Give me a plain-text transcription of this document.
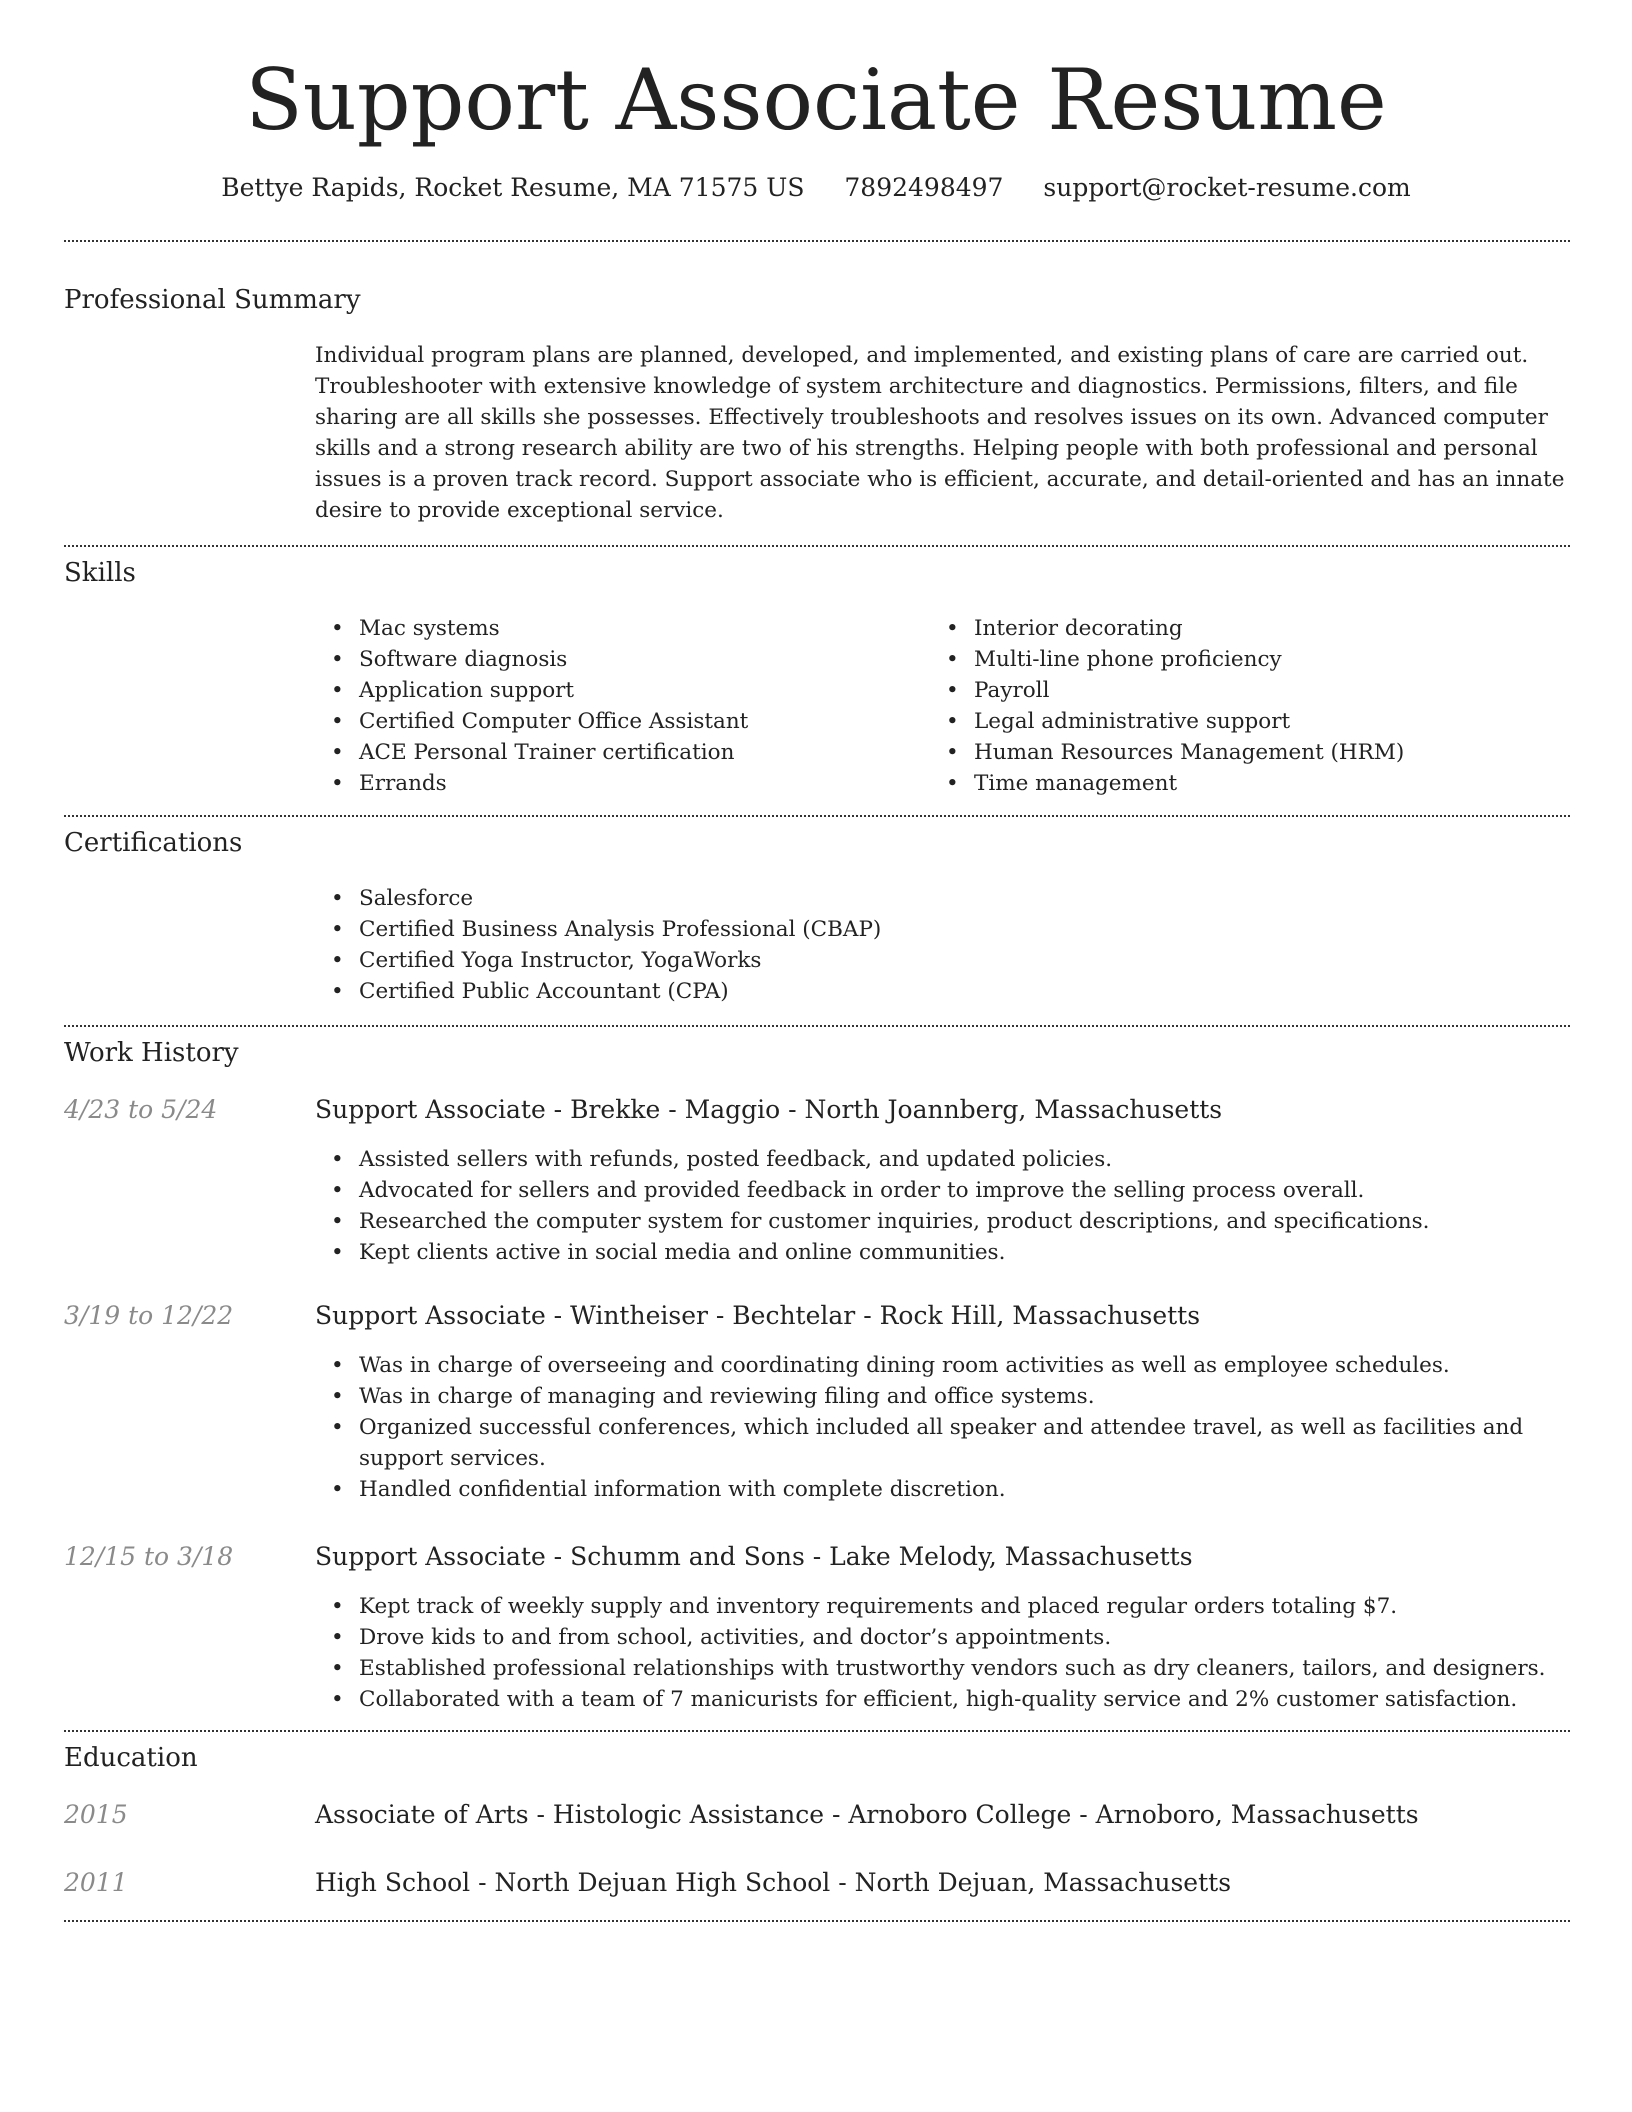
Support Associate Resume
Bettye Rapids, Rocket Resume, MA 71575 US 7892498497 support@rocket-resume.com
Professional Summary

Individual program plans are planned, developed, and implemented, and existing plans of care are carried out. Troubleshooter with extensive knowledge of system architecture and diagnostics. Permissions, filters, and file sharing are all skills she possesses. Effectively troubleshoots and resolves issues on its own. Advanced computer skills and a strong research ability are two of his strengths. Helping people with both professional and personal issues is a proven track record. Support associate who is efficient, accurate, and detail-oriented and has an innate desire to provide exceptional service.

Skills
• Mac systems
• Software diagnosis
• Application support
• Certified Computer Office Assistant
• ACE Personal Trainer certification
• Errands
• Interior decorating
• Multi-line phone proficiency
• Payroll
• Legal administrative support
• Human Resources Management (HRM)
• Time management
Certifications
• Salesforce
• Certified Business Analysis Professional (CBAP)
• Certified Yoga Instructor, YogaWorks
• Certified Public Accountant (CPA)
Work History
4/23 to 5/24	Support Associate - Brekke - Maggio - North Joannberg, Massachusetts
• Assisted sellers with refunds, posted feedback, and updated policies.
• Advocated for sellers and provided feedback in order to improve the selling process overall.
• Researched the computer system for customer inquiries, product descriptions, and specifications.
• Kept clients active in social media and online communities.
3/19 to 12/22	Support Associate - Wintheiser - Bechtelar - Rock Hill, Massachusetts
• Was in charge of overseeing and coordinating dining room activities as well as employee schedules.
• Was in charge of managing and reviewing filing and office systems.
• Organized successful conferences, which included all speaker and attendee travel, as well as facilities and support services.
• Handled confidential information with complete discretion.
12/15 to 3/18	Support Associate - Schumm and Sons - Lake Melody, Massachusetts
• Kept track of weekly supply and inventory requirements and placed regular orders totaling $7.
• Drove kids to and from school, activities, and doctor’s appointments.
• Established professional relationships with trustworthy vendors such as dry cleaners, tailors, and designers.
• Collaborated with a team of 7 manicurists for efficient, high-quality service and 2% customer satisfaction.
Education
2015	Associate of Arts - Histologic Assistance - Arnoboro College - Arnoboro, Massachusetts
2011	High School - North Dejuan High School - North Dejuan, Massachusetts
